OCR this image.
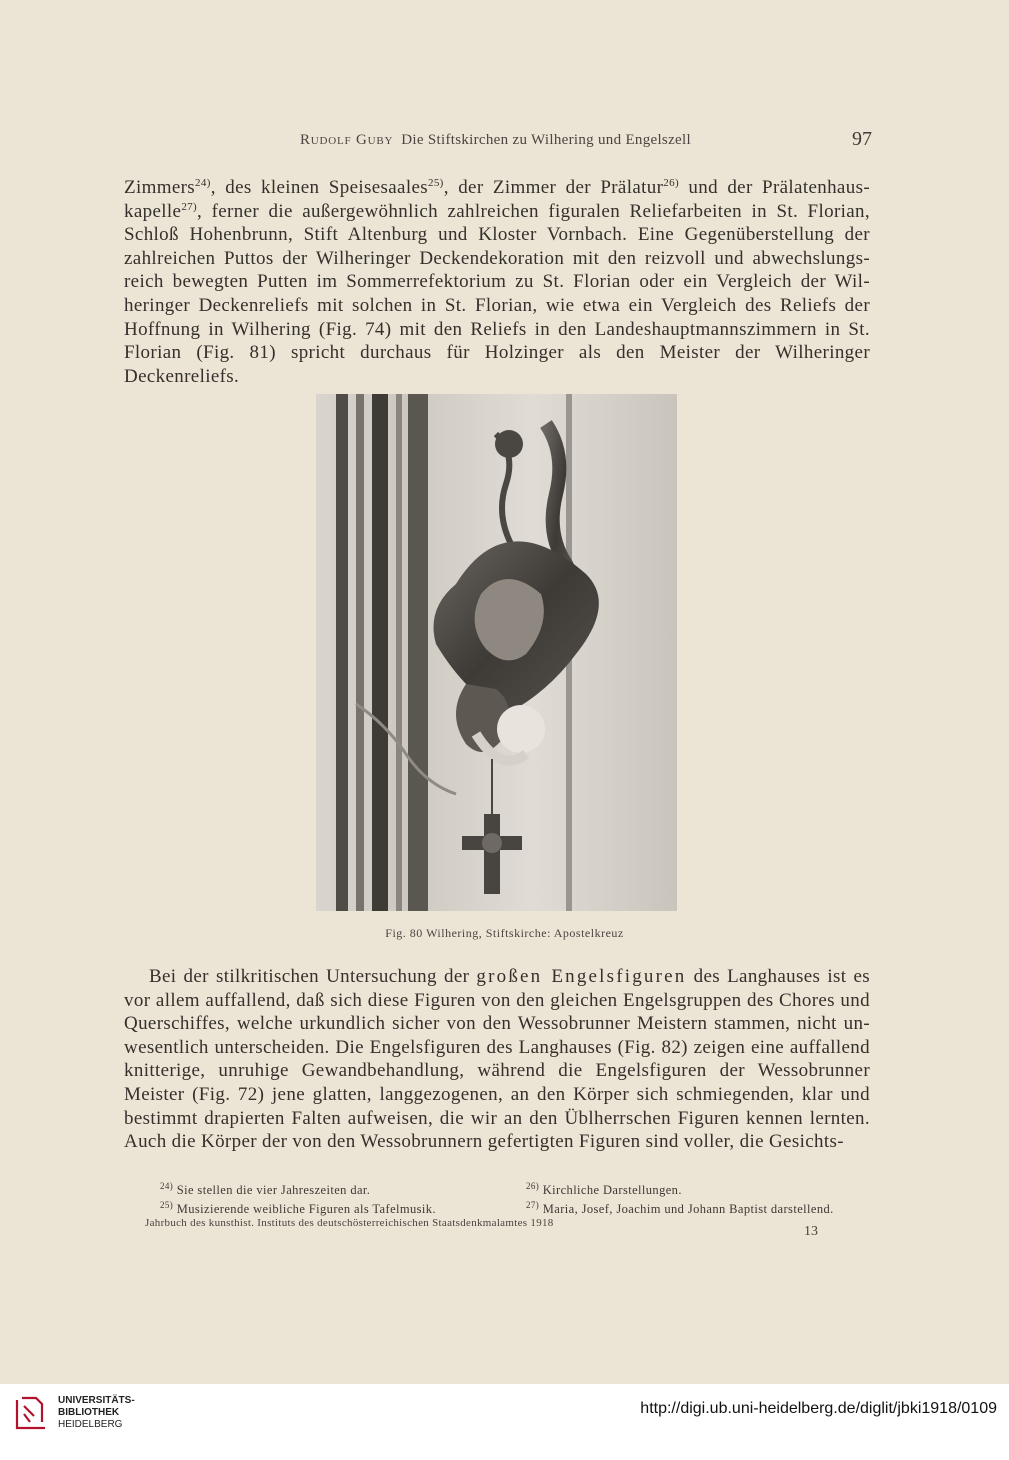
Rudolf Guby Die Stiftskirchen zu Wilhering und Engelszell	97

Zimmers$^{24)}$, des kleinen Speisesaales$^{25)}$, der Zimmer der Prälatur$^{26)}$ und der Prälatenhaus-kapelle$^{27)}$, ferner die außergewöhnlich zahlreichen figuralen Reliefarbeiten in St. Florian, Schloß Hohenbrunn, Stift Altenburg und Kloster Vornbach. Eine Gegenüberstellung der zahlreichen Puttos der Wilheringer Deckendekoration mit den reizvoll und abwechslungs-reich bewegten Putten im Sommerrefektorium zu St. Florian oder ein Vergleich der Wil-heringer Deckenreliefs mit solchen in St. Florian, wie etwa ein Vergleich des Reliefs der Hoffnung in Wilhering (Fig. 74) mit den Reliefs in den Landeshauptmannszimmern in St. Florian (Fig. 81) spricht durchaus für Holzinger als den Meister der Wilheringer Deckenreliefs.

Fig. 80 Wilhering, Stiftskirche: Apostelkreuz

Bei der stilkritischen Untersuchung der großen Engelsfiguren des Langhauses ist es vor allem auffallend, daß sich diese Figuren von den gleichen Engelsgruppen des Chores und Querschiffes, welche urkundlich sicher von den Wessobrunner Meistern stammen, nicht un-wesentlich unterscheiden. Die Engelsfiguren des Langhauses (Fig. 82) zeigen eine auffallend knitterige, unruhige Gewandbehandlung, während die Engelsfiguren der Wessobrunner Meister (Fig. 72) jene glatten, langgezogenen, an den Körper sich schmiegenden, klar und bestimmt drapierten Falten aufweisen, die wir an den Üblherrschen Figuren kennen lernten. Auch die Körper der von den Wessobrunnern gefertigten Figuren sind voller, die Gesichts-

$^{24)}$ Sie stellen die vier Jahreszeiten dar.
$^{25)}$ Musizierende weibliche Figuren als Tafelmusik.
$^{26)}$ Kirchliche Darstellungen.
$^{27)}$ Maria, Josef, Joachim und Johann Baptist darstellend.
Jahrbuch des kunsthist. Instituts des deutschösterreichischen Staatsdenkmalamtes 1918
13
UNIVERSITÄTS-
BIBLIOTHEK
HEIDELBERG
http://digi.ub.uni-heidelberg.de/diglit/jbki1918/0109
